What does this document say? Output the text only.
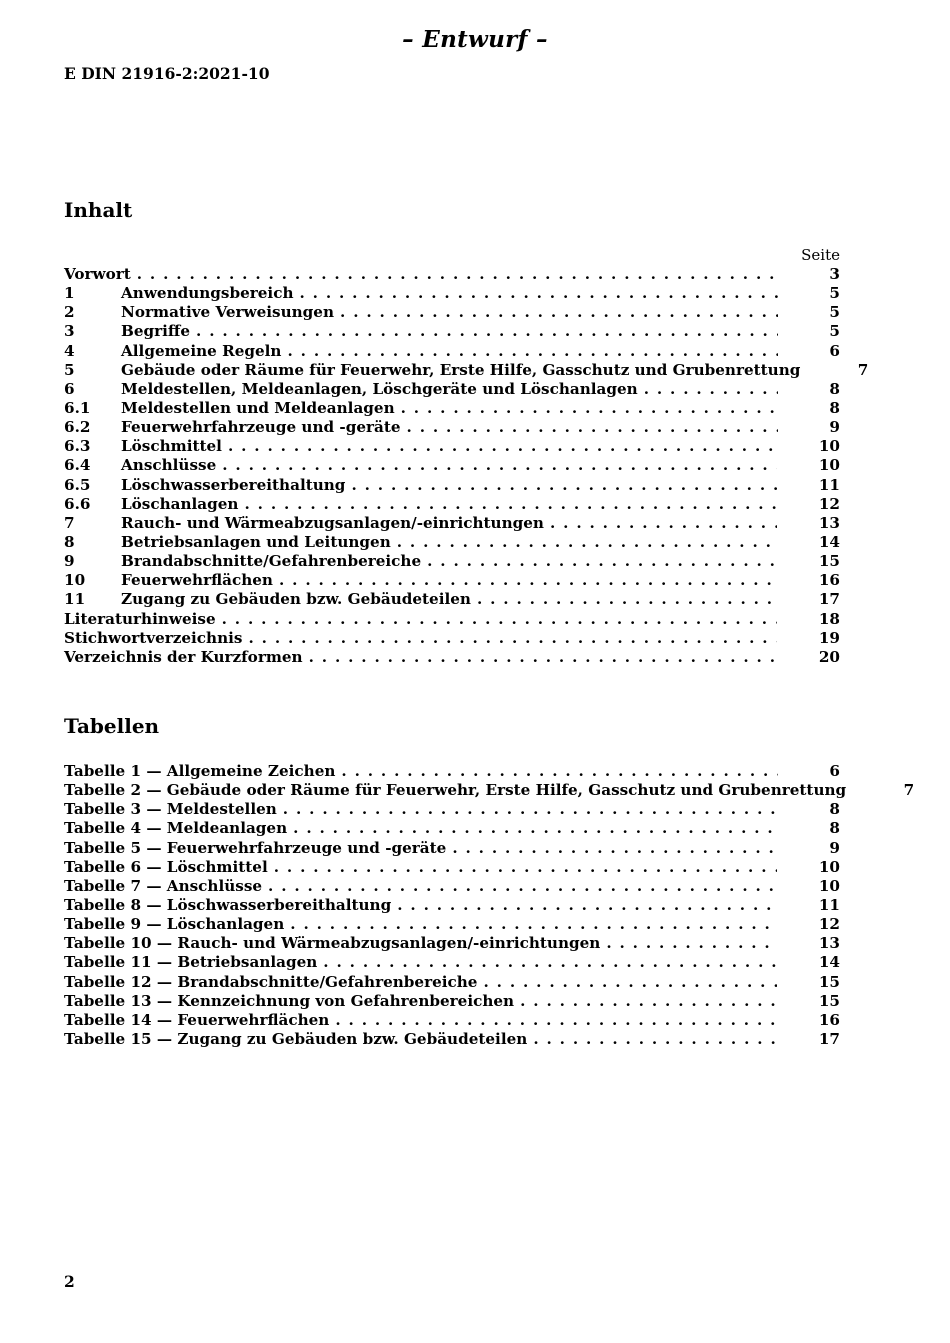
– Entwurf –
E DIN 21916-2:2021-10
Inhalt
Seite
Vorwort . . .	3
1	Anwendungsbereich . . .	5
2	Normative Verweisungen . . .	5
3	Begriffe . . .	5
4	Allgemeine Regeln . . .	6
5	Gebäude oder Räume für Feuerwehr, Erste Hilfe, Gasschutz und Grubenrettung	7
6	Meldestellen, Meldeanlagen, Löschgeräte und Löschanlagen . . .	8
6.1	Meldestellen und Meldeanlagen . . .	8
6.2	Feuerwehrfahrzeuge und -geräte . . .	9
6.3	Löschmittel . . .	10
6.4	Anschlüsse . . .	10
6.5	Löschwasserbereithaltung . . .	11
6.6	Löschanlagen . . .	12
7	Rauch- und Wärmeabzugsanlagen/-einrichtungen . . .	13
8	Betriebsanlagen und Leitungen . . .	14
9	Brandabschnitte/Gefahrenbereiche . . .	15
10	Feuerwehrflächen . . .	16
11	Zugang zu Gebäuden bzw. Gebäudeteilen . . .	17
Literaturhinweise . . .	18
Stichwortverzeichnis . . .	19
Verzeichnis der Kurzformen . . .	20
Tabellen
Tabelle 1 — Allgemeine Zeichen . . .	6
Tabelle 2 — Gebäude oder Räume für Feuerwehr, Erste Hilfe, Gasschutz und Grubenrettung	7
Tabelle 3 — Meldestellen . . .	8
Tabelle 4 — Meldeanlagen . . .	8
Tabelle 5 — Feuerwehrfahrzeuge und -geräte . . .	9
Tabelle 6 — Löschmittel . . .	10
Tabelle 7 — Anschlüsse . . .	10
Tabelle 8 — Löschwasserbereithaltung . . .	11
Tabelle 9 — Löschanlagen . . .	12
Tabelle 10 — Rauch- und Wärmeabzugsanlagen/-einrichtungen . . .	13
Tabelle 11 — Betriebsanlagen . . .	14
Tabelle 12 — Brandabschnitte/Gefahrenbereiche . . .	15
Tabelle 13 — Kennzeichnung von Gefahrenbereichen . . .	15
Tabelle 14 — Feuerwehrflächen . . .	16
Tabelle 15 — Zugang zu Gebäuden bzw. Gebäudeteilen . . .	17
2
